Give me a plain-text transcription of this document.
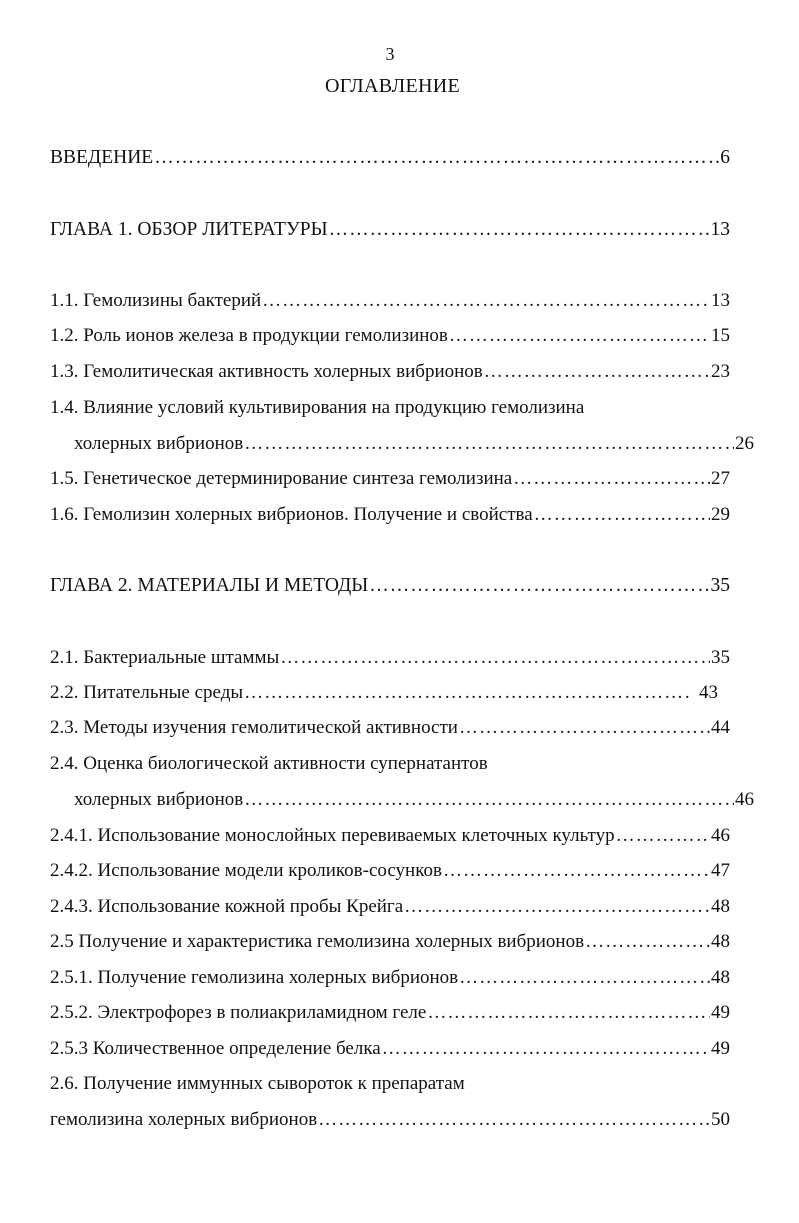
3
ОГЛАВЛЕНИЕ
ВВЕДЕНИЕ …………………………………………………………………………………………………………………………………………………………	6
ГЛАВА 1. ОБЗОР ЛИТЕРАТУРЫ …………………………………………………………………………………………………………………………………………………………	13
1.1. Гемолизины бактерий …………………………………………………………………………………………………………………………………………………………	13
1.2. Роль ионов железа в продукции гемолизинов …………………………………………………………………………………………………………………………………………………………	15
1.3. Гемолитическая активность холерных вибрионов …………………………………………………………………………………………………………………………………………………………	23
1.4. Влияние условий культивирования на продукцию гемолизина
холерных вибрионов …………………………………………………………………………………………………………………………………………………………	26
1.5. Генетическое детерминирование синтеза гемолизина …………………………………………………………………………………………………………………………………………………………	27
1.6. Гемолизин холерных вибрионов. Получение и свойства …………………………………………………………………………………………………………………………………………………………	29
ГЛАВА 2. МАТЕРИАЛЫ И МЕТОДЫ …………………………………………………………………………………………………………………………………………………………	35
2.1. Бактериальные штаммы …………………………………………………………………………………………………………………………………………………………	35
2.2. Питательные среды …………………………………………………………………………………………………………………………………………………………	43
2.3. Методы изучения гемолитической активности …………………………………………………………………………………………………………………………………………………………	44
2.4. Оценка биологической активности супернатантов
холерных вибрионов …………………………………………………………………………………………………………………………………………………………	46
2.4.1. Использование монослойных перевиваемых клеточных культур …………………………………………………………………………………………………………………………………………………………	46
2.4.2. Использование модели кроликов-сосунков …………………………………………………………………………………………………………………………………………………………	47
2.4.3. Использование кожной пробы Крейга …………………………………………………………………………………………………………………………………………………………	48
2.5 Получение и характеристика гемолизина холерных вибрионов …………………………………………………………………………………………………………………………………………………………	48
2.5.1. Получение гемолизина холерных вибрионов …………………………………………………………………………………………………………………………………………………………	48
2.5.2. Электрофорез в полиакриламидном геле …………………………………………………………………………………………………………………………………………………………	49
2.5.3 Количественное определение белка …………………………………………………………………………………………………………………………………………………………	49
2.6. Получение иммунных сывороток к препаратам
гемолизина холерных вибрионов …………………………………………………………………………………………………………………………………………………………	50
